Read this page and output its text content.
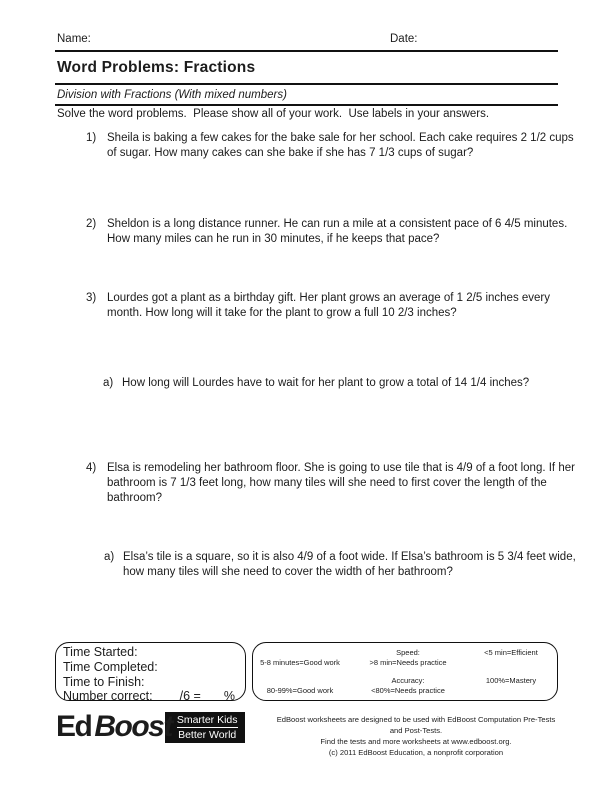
Name:	Date:
Word Problems: Fractions
Division with Fractions (With mixed numbers)
Solve the word problems.  Please show all of your work.  Use labels in your answers.
1) Sheila is baking a few cakes for the bake sale for her school. Each cake requires 2 1/2 cups of sugar. How many cakes can she bake if she has 7 1/3 cups of sugar?
2) Sheldon is a long distance runner. He can run a mile at a consistent pace of 6 4/5 minutes. How many miles can he run in 30 minutes, if he keeps that pace?
3) Lourdes got a plant as a birthday gift. Her plant grows an average of 1 2/5 inches every month. How long will it take for the plant to grow a full 10 2/3 inches?
a) How long will Lourdes have to wait for her plant to grow a total of 14 1/4 inches?
4) Elsa is remodeling her bathroom floor. She is going to use tile that is 4/9 of a foot long. If her bathroom is 7 1/3 feet long, how many tiles will she need to first cover the length of the bathroom?
a) Elsa’s tile is a square, so it is also 4/9 of a foot wide. If Elsa’s bathroom is 5 3/4 feet wide, how many tiles will she need to cover the width of her bathroom?
Time Started:
Time Completed:
Time to Finish:
Number correct: /6 = %
Speed:	<5 min=Efficient
5-8 minutes=Good work	>8 min=Needs practice
Accuracy:	100%=Mastery
80-99%=Good work	<80%=Needs practice
Ed Boost Smarter Kids
Better World
EdBoost worksheets are designed to be used with EdBoost Computation Pre-Tests and Post-Tests.
Find the tests and more worksheets at www.edboost.org.
(c) 2011 EdBoost Education, a nonprofit corporation
